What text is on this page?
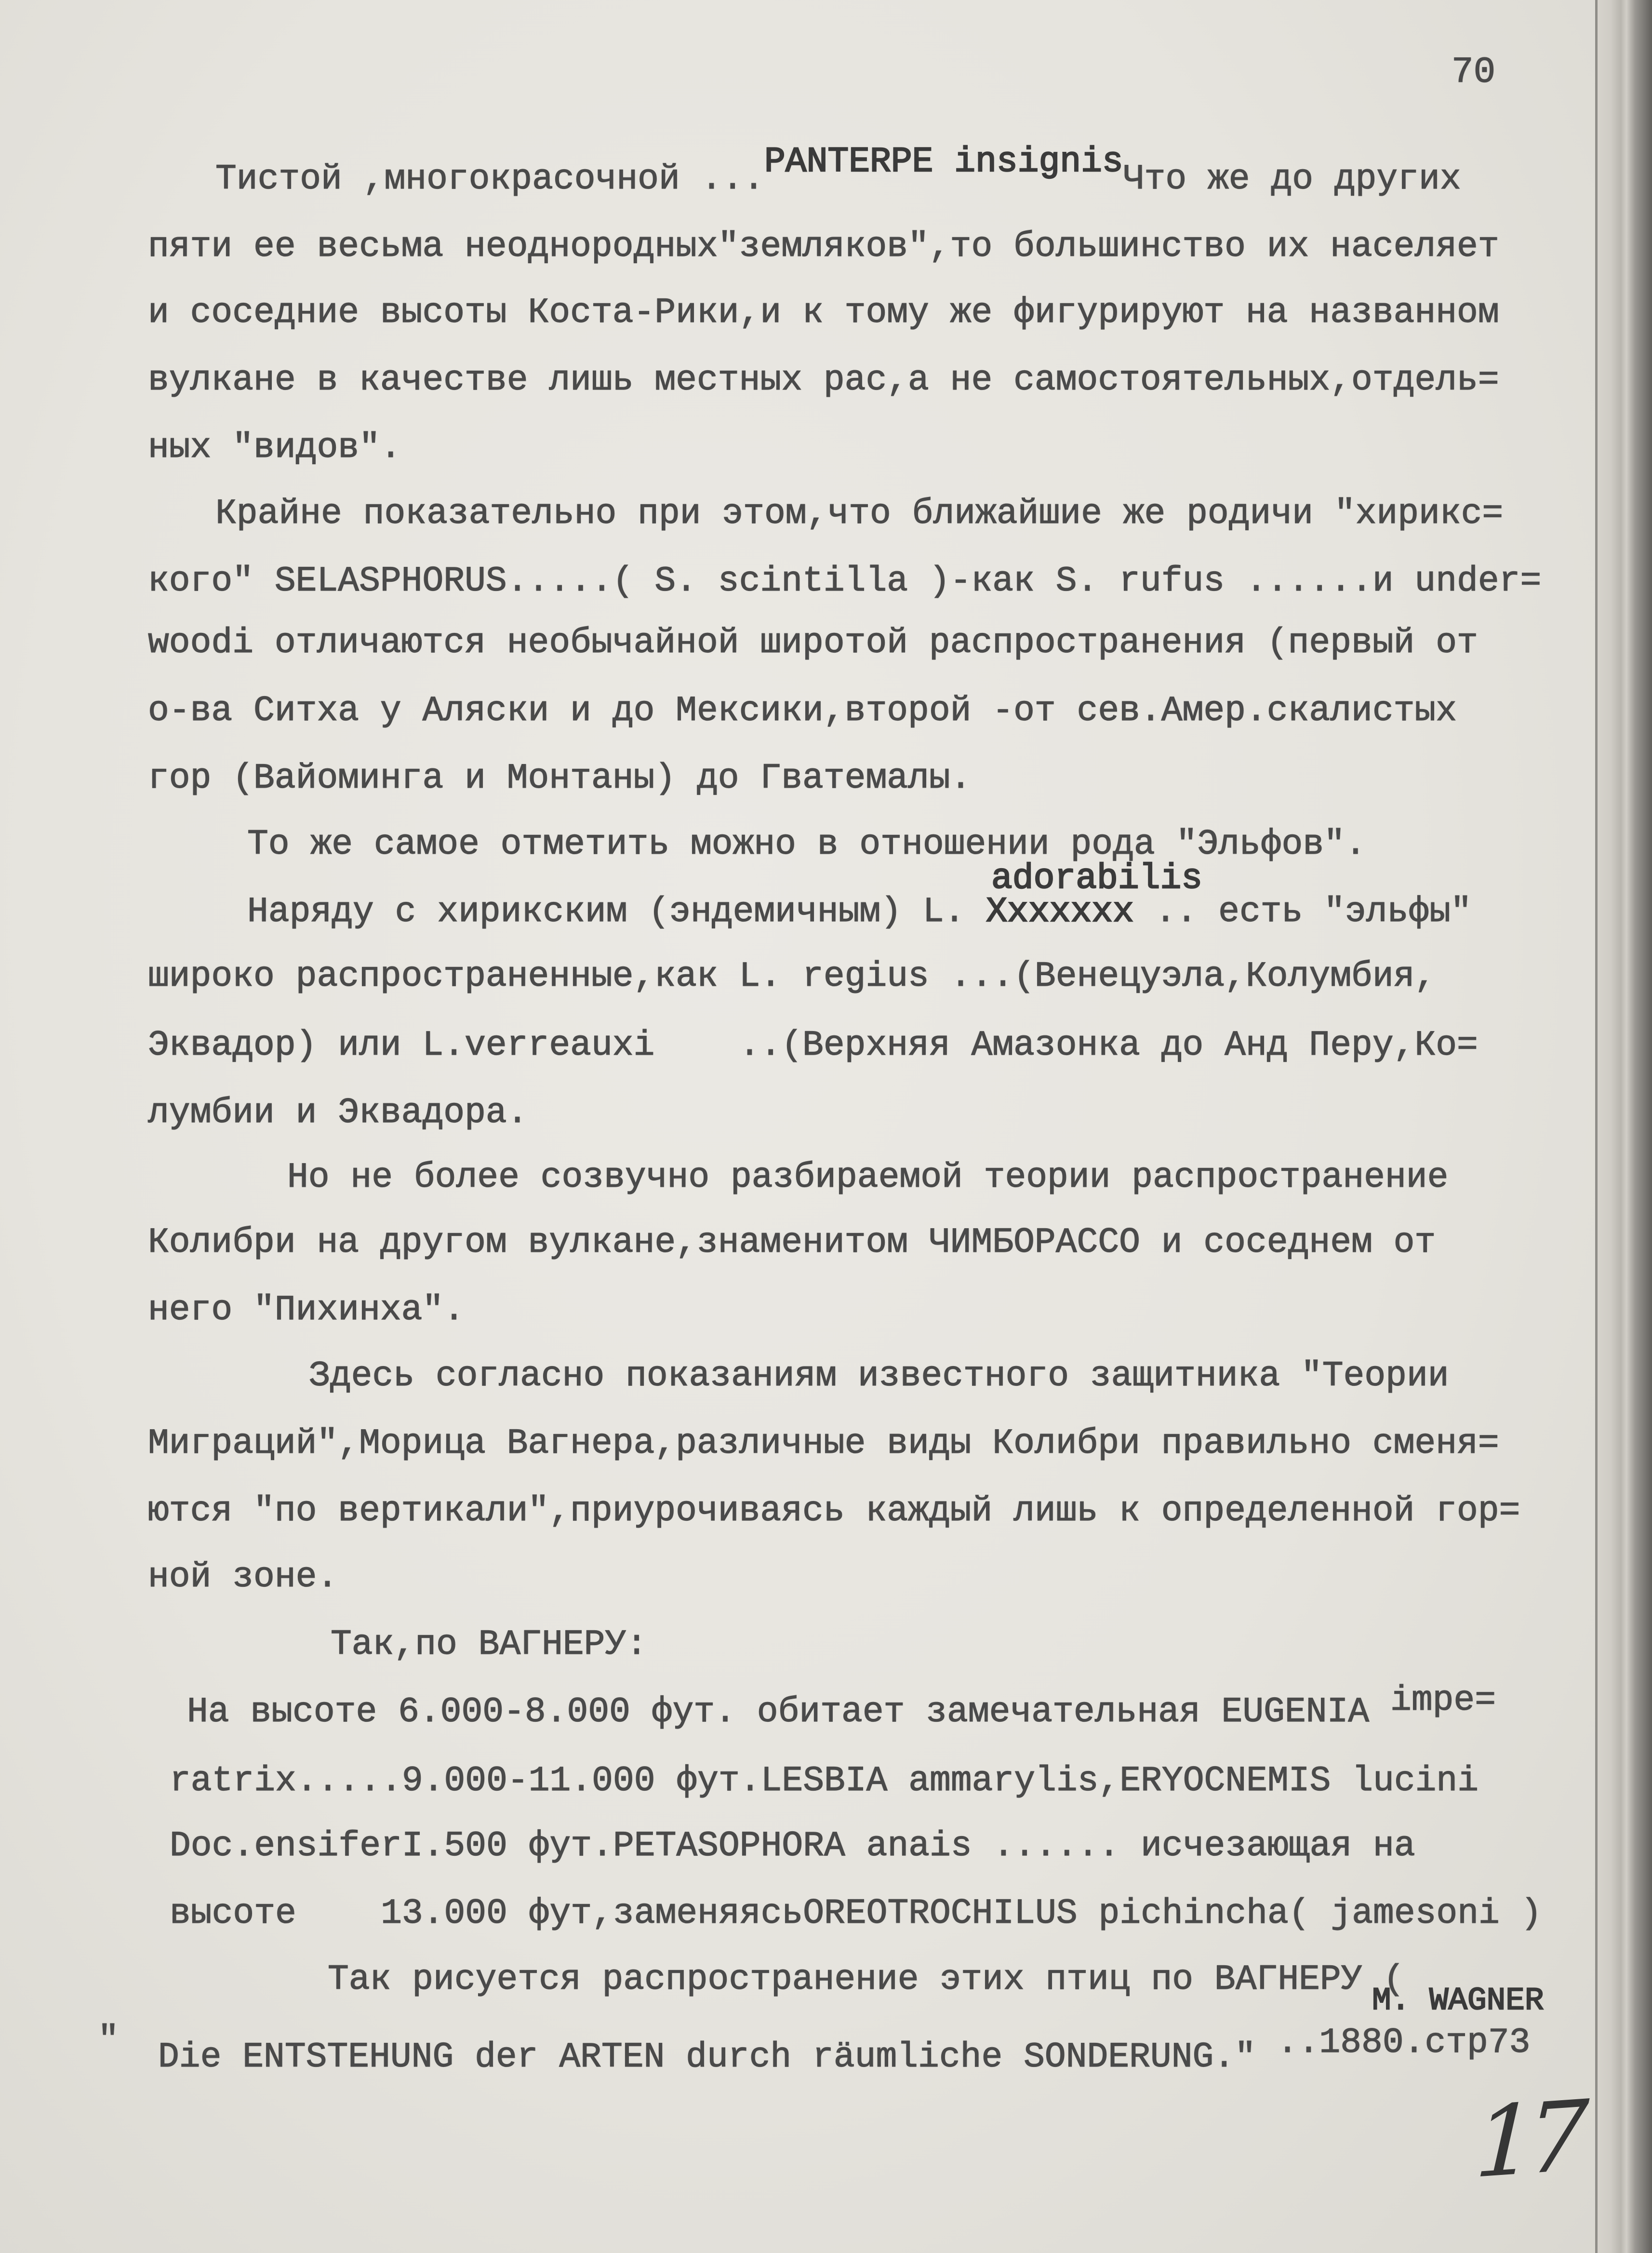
70
Тистой ,многокрасочной ...PANTERPE insignisЧто же до других
пяти ее весьма неоднородных"земляков",то большинство их населяет
и соседние высоты Коста-Рики,и к тому же фигурируют на названном
вулкане в качестве лишь местных рас,а не самостоятельных,отдель=
ных "видов".
Крайне показательно при этом,что ближайшие же родичи "хирикс=
кого" SELASPHORUS.....( S. scintilla )-как S. rufus ......и under=
woodi отличаются необычайной широтой распространения (первый от
о-ва Ситха у Аляски и до Мексики,второй -от сев.Амер.скалистых
гор (Вайоминга и Монтаны) до Гватемалы.
То же самое отметить можно в отношении рода "Эльфов".
adorabilis
Наряду с хирикским (эндемичным) L. Xxxxxxx .. есть "эльфы"
широко распространенные,как L. regius ...(Венецуэла,Колумбия,
Эквадор) или L.verreauxi    ..(Верхняя Амазонка до Анд Перу,Ко=
лумбии и Эквадора.
Но не более созвучно разбираемой теории распространение
Колибри на другом вулкане,знаменитом ЧИМБОРАССО и соседнем от
него "Пихинха".
Здесь согласно показаниям известного защитника "Теории
Миграций",Морица Вагнера,различные виды Колибри правильно сменя=
ются "по вертикали",приурочиваясь каждый лишь к определенной гор=
ной зоне.
Так,по ВАГНЕРУ:
На высоте 6.000-8.000 фут. обитает замечательная EUGENIA impe=
ratrix.....9.000-11.000 фут.LESBIA ammarylis,ERYOCNEMIS lucini
Doc.ensiferI.500 фут.PETASOPHORA anais ...... исчезающая на
высоте    13.000 фут,заменяясьOREOTROCHILUS pichincha( jamesoni )
Так рисуется распространение этих птиц по ВАГНЕРУ (
M. WAGNER
" Die ENTSTEHUNG der ARTEN durch räumliche SONDERUNG." ..1880.стр73
17
